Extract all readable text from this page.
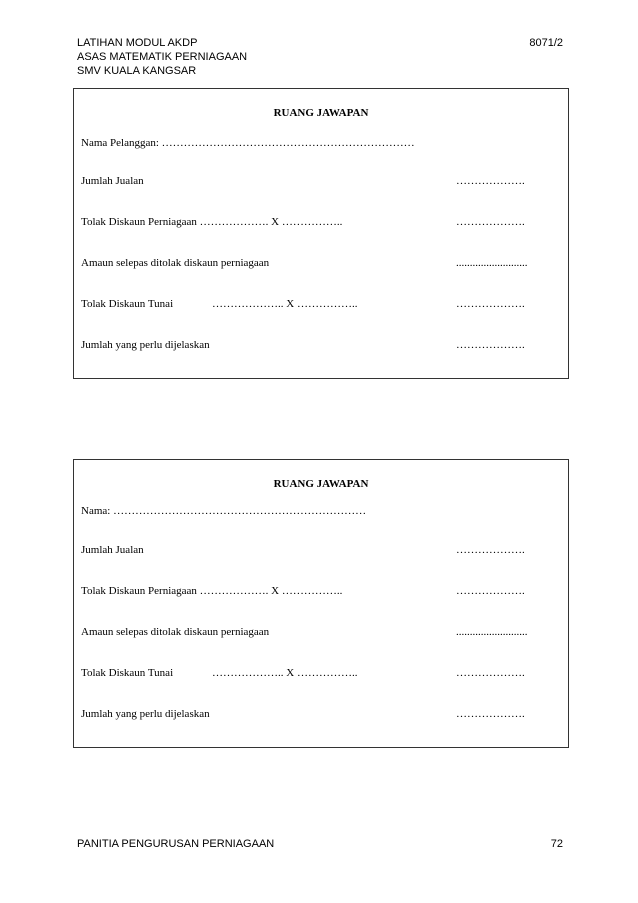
LATIHAN MODUL AKDP
ASAS MATEMATIK PERNIAGAAN
SMV KUALA KANGSAR
8071/2
RUANG JAWAPAN
Nama Pelanggan: ……………………………………………………………
Jumlah Jualan	……………….
Tolak Diskaun Perniagaan ………………. X ……………..	……………….
Amaun selepas ditolak diskaun perniagaan	..........................
Tolak Diskaun Tunai	……………….. X ……………..	……………….
Jumlah yang perlu dijelaskan	……………….
RUANG JAWAPAN
Nama: ……………………………………………………………
Jumlah Jualan	……………….
Tolak Diskaun Perniagaan ………………. X ……………..	……………….
Amaun selepas ditolak diskaun perniagaan	..........................
Tolak Diskaun Tunai	……………….. X ……………..	……………….
Jumlah yang perlu dijelaskan	……………….
PANITIA PENGURUSAN PERNIAGAAN	72
